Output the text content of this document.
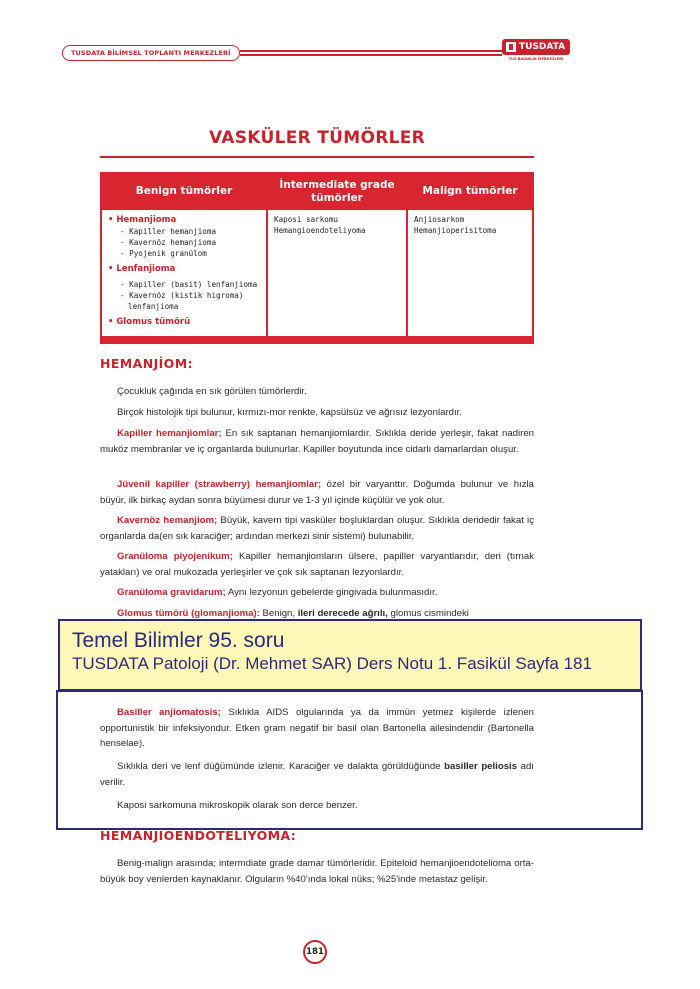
TUSDATA BİLİMSEL TOPLANTI MERKEZLERİ
TUSDATA
TUS BASINLIK MERKEZLERI
VASKÜLER TÜMÖRLER
Benign tümörler
İntermediate grade tümörler
Malign tümörler
• Hemanjioma
- Kapiller hemanjioma
- Kavernöz hemanjioma
- Pyojenik granülom
• Lenfanjioma
- Kapiller (basit) lenfanjioma
- Kavernöz (kistik higroma) lenfanjioma
• Glomus tümörü
Kaposi sarkomu
Hemangioendoteliyoma
Anjiosarkom
Hemanjioperisitoma
HEMANJİOM:
Çocukluk çağında en sık görülen tümörlerdir.
Birçok histolojik tipi bulunur, kırmızı-mor renkte, kapsülsüz ve ağrısız lezyonlardır.
Kapiller hemanjiomlar; En sık saptanan hemanjiomlardır. Sıklıkla deride yerleşir, fakat nadiren muköz membranlar ve iç organlarda bulunurlar. Kapiller boyutunda ince cidarlı damarlardan oluşur.
Jüvenil kapiller (strawberry) hemanjiomlar; özel bir varyanttır. Doğumda bulunur ve hızla büyür, ilk birkaç aydan sonra büyümesi durur ve 1-3 yıl içinde küçülür ve yok olur.
Kavernöz hemanjiom; Büyük, kavern tipi vasküler boşluklardan oluşur. Sıklıkla deridedir fakat iç organlarda da(en sık karaciğer; ardından merkezi sinir sistemi) bulunabilir.
Granüloma piyojenikum; Kapiller hemanjiomların ülsere, papiller varyantlarıdır, deri (tırnak yatakları) ve oral mukozada yerleşirler ve çok sık saptanan lezyonlardır.
Granüloma gravidarum; Aynı lezyonun gebelerde gingivada bulunmasıdır.
Glomus tümörü (glomanjioma): Benign, ileri derecede ağrılı, glomus cismindeki
Temel Bilimler 95. soru
TUSDATA Patoloji (Dr. Mehmet SAR) Ders Notu 1. Fasikül Sayfa 181
Basiller anjiomatosis; Sıklıkla AIDS olgularında ya da immün yetmez kişilerde izlenen opportunistik bir infeksiyondur. Etken gram negatif bir basil olan Bartonella ailesindendir (Bartonella henselae).
Sıklıkla deri ve lenf düğümünde izlenir. Karaciğer ve dalakta görüldüğünde basiller peliosis adı verilir.
Kaposi sarkomuna mikroskopik olarak son derce benzer.
HEMANJIOENDOTELIYOMA:
Benig-malign arasında; intermdiate grade damar tümörleridir. Epiteloid hemanjioendotelioma orta-büyük boy venlerden kaynaklanır. Olguların %40'ında lokal nüks; %25'inde metastaz gelişir.
181
